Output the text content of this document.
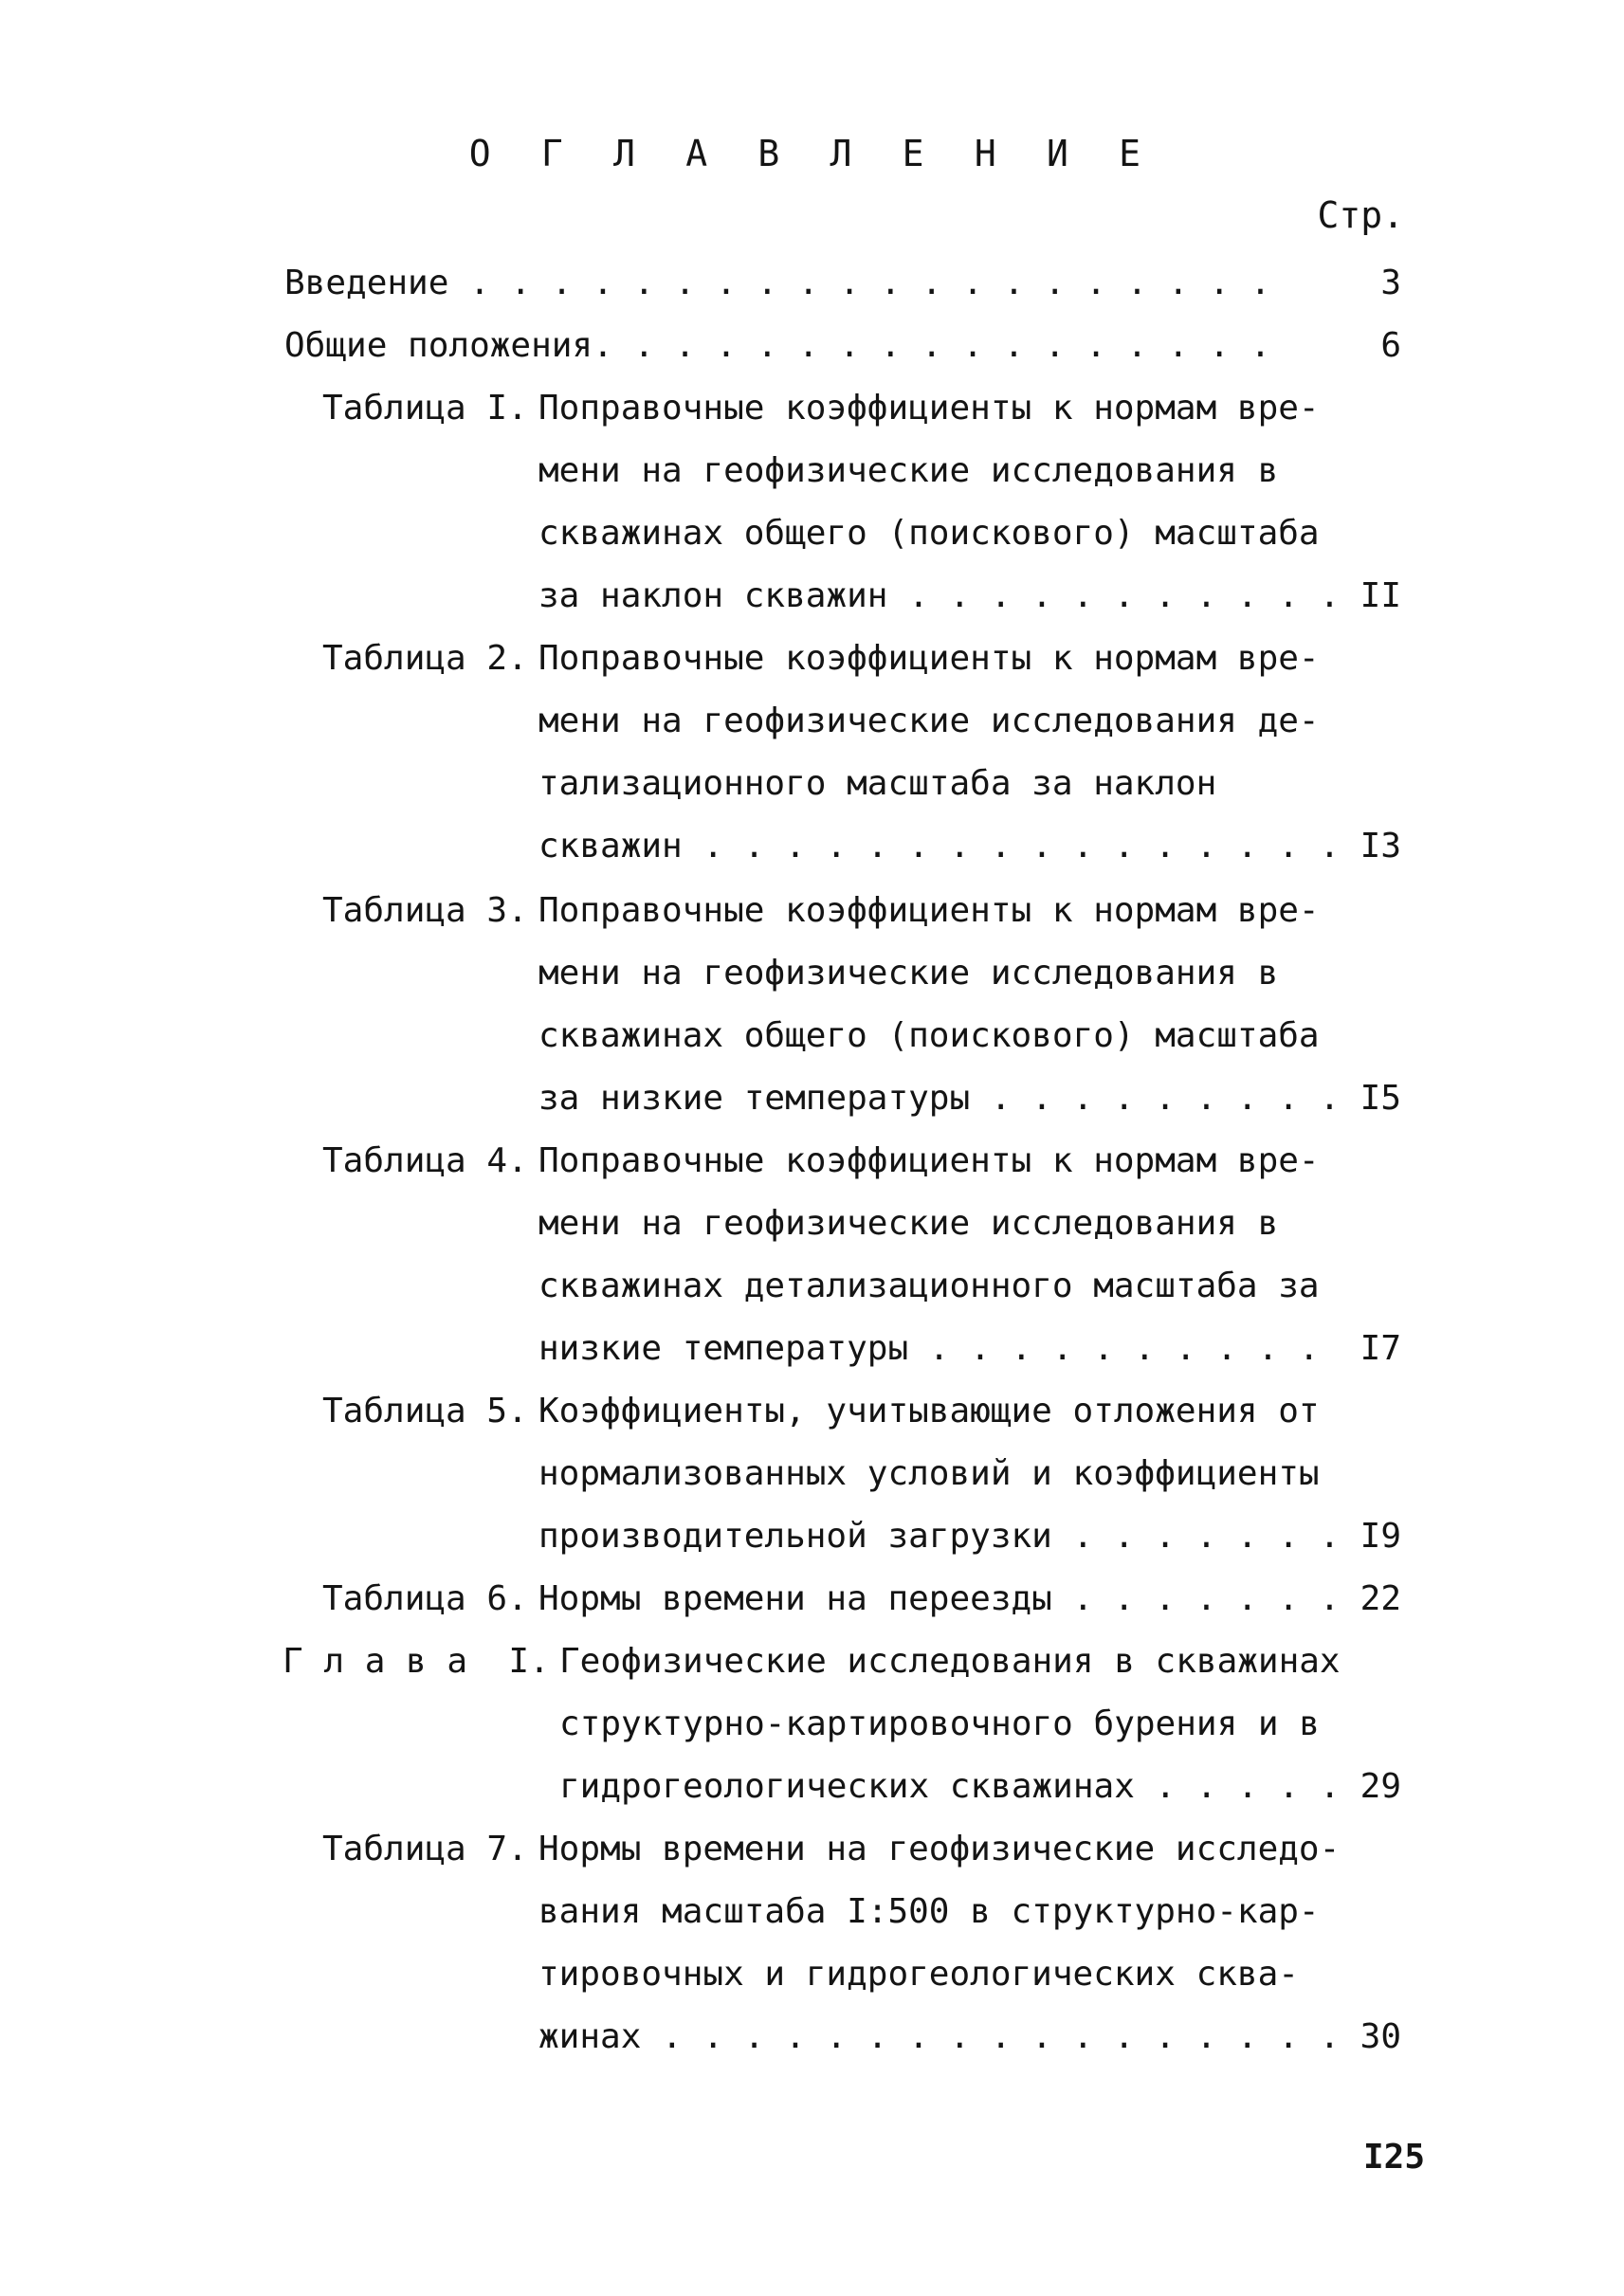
О Г Л А В Л Е Н И Е
Стр.
Введение . . . . . . . . . . . . . . . . . . . .	3
Общие положения. . . . . . . . . . . . . . . . .	6
Таблица I. Поправочные коэффициенты к нормам вре-
мени на геофизические исследования в
скважинах общего (поискового) масштаба
за наклон скважин . . . . . . . . . . . II
Таблица 2. Поправочные коэффициенты к нормам вре-
мени на геофизические исследования де-
тализационного масштаба за наклон
скважин . . . . . . . . . . . . . . . . I3
Таблица 3. Поправочные коэффициенты к нормам вре-
мени на геофизические исследования в
скважинах общего (поискового) масштаба
за низкие температуры . . . . . . . . . I5
Таблица 4. Поправочные коэффициенты к нормам вре-
мени на геофизические исследования в
скважинах детализационного масштаба за
низкие температуры . . . . . . . . . .	I7
Таблица 5. Коэффициенты, учитывающие отложения от
нормализованных условий и коэффициенты
производительной загрузки . . . . . . . I9
Таблица 6. Нормы времени на переезды . . . . . . . 22
Г л а в а  I. Геофизические исследования в скважинах
структурно-картировочного бурения и в
гидрогеологических скважинах . . . . . 29
Таблица 7. Нормы времени на геофизические исследо-
вания масштаба I:500 в структурно-кар-
тировочных и гидрогеологических сква-
жинах . . . . . . . . . . . . . . . . . 30
I25
